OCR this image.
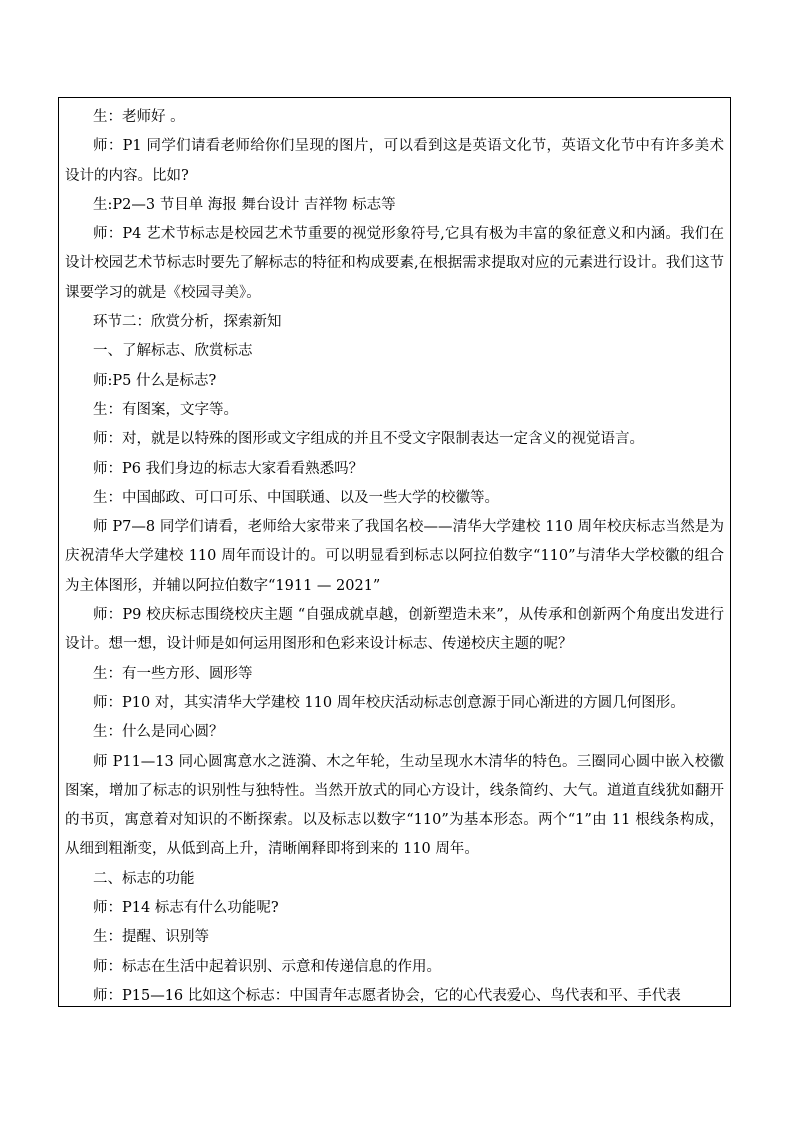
生：老师好 。

师：P1 同学们请看老师给你们呈现的图片，可以看到这是英语文化节，英语文化节中有许多美术设计的内容。比如?

生:P2—3 节目单 海报 舞台设计 吉祥物 标志等

师：P4 艺术节标志是校园艺术节重要的视觉形象符号,它具有极为丰富的象征意义和内涵。我们在设计校园艺术节标志时要先了解标志的特征和构成要素,在根据需求提取对应的元素进行设计。我们这节课要学习的就是《校园寻美》。

环节二：欣赏分析，探索新知

一、了解标志、欣赏标志

师:P5 什么是标志?

生：有图案，文字等。

师：对，就是以特殊的图形或文字组成的并且不受文字限制表达一定含义的视觉语言。

师：P6 我们身边的标志大家看看熟悉吗？

生：中国邮政、可口可乐、中国联通、以及一些大学的校徽等。

师 P7—8 同学们请看，老师给大家带来了我国名校——清华大学建校 110 周年校庆标志当然是为庆祝清华大学建校 110 周年而设计的。可以明显看到标志以阿拉伯数字“110”与清华大学校徽的组合为主体图形，并辅以阿拉伯数字“1911 — 2021”

师：P9 校庆标志围绕校庆主题 “自强成就卓越，创新塑造未来”，从传承和创新两个角度出发进行设计。想一想，设计师是如何运用图形和色彩来设计标志、传递校庆主题的呢？

生：有一些方形、圆形等

师：P10 对，其实清华大学建校 110 周年校庆活动标志创意源于同心渐进的方圆几何图形。

生：什么是同心圆？

师 P11—13 同心圆寓意水之涟漪、木之年轮，生动呈现水木清华的特色。三圈同心圆中嵌入校徽图案，增加了标志的识别性与独特性。当然开放式的同心方设计，线条简约、大气。道道直线犹如翻开的书页，寓意着对知识的不断探索。以及标志以数字“110”为基本形态。两个“1”由 11 根线条构成，从细到粗渐变，从低到高上升，清晰阐释即将到来的 110 周年。

二、标志的功能

师：P14 标志有什么功能呢?

生：提醒、识别等

师：标志在生活中起着识别、示意和传递信息的作用。

师：P15—16 比如这个标志：中国青年志愿者协会，它的心代表爱心、鸟代表和平、手代表
